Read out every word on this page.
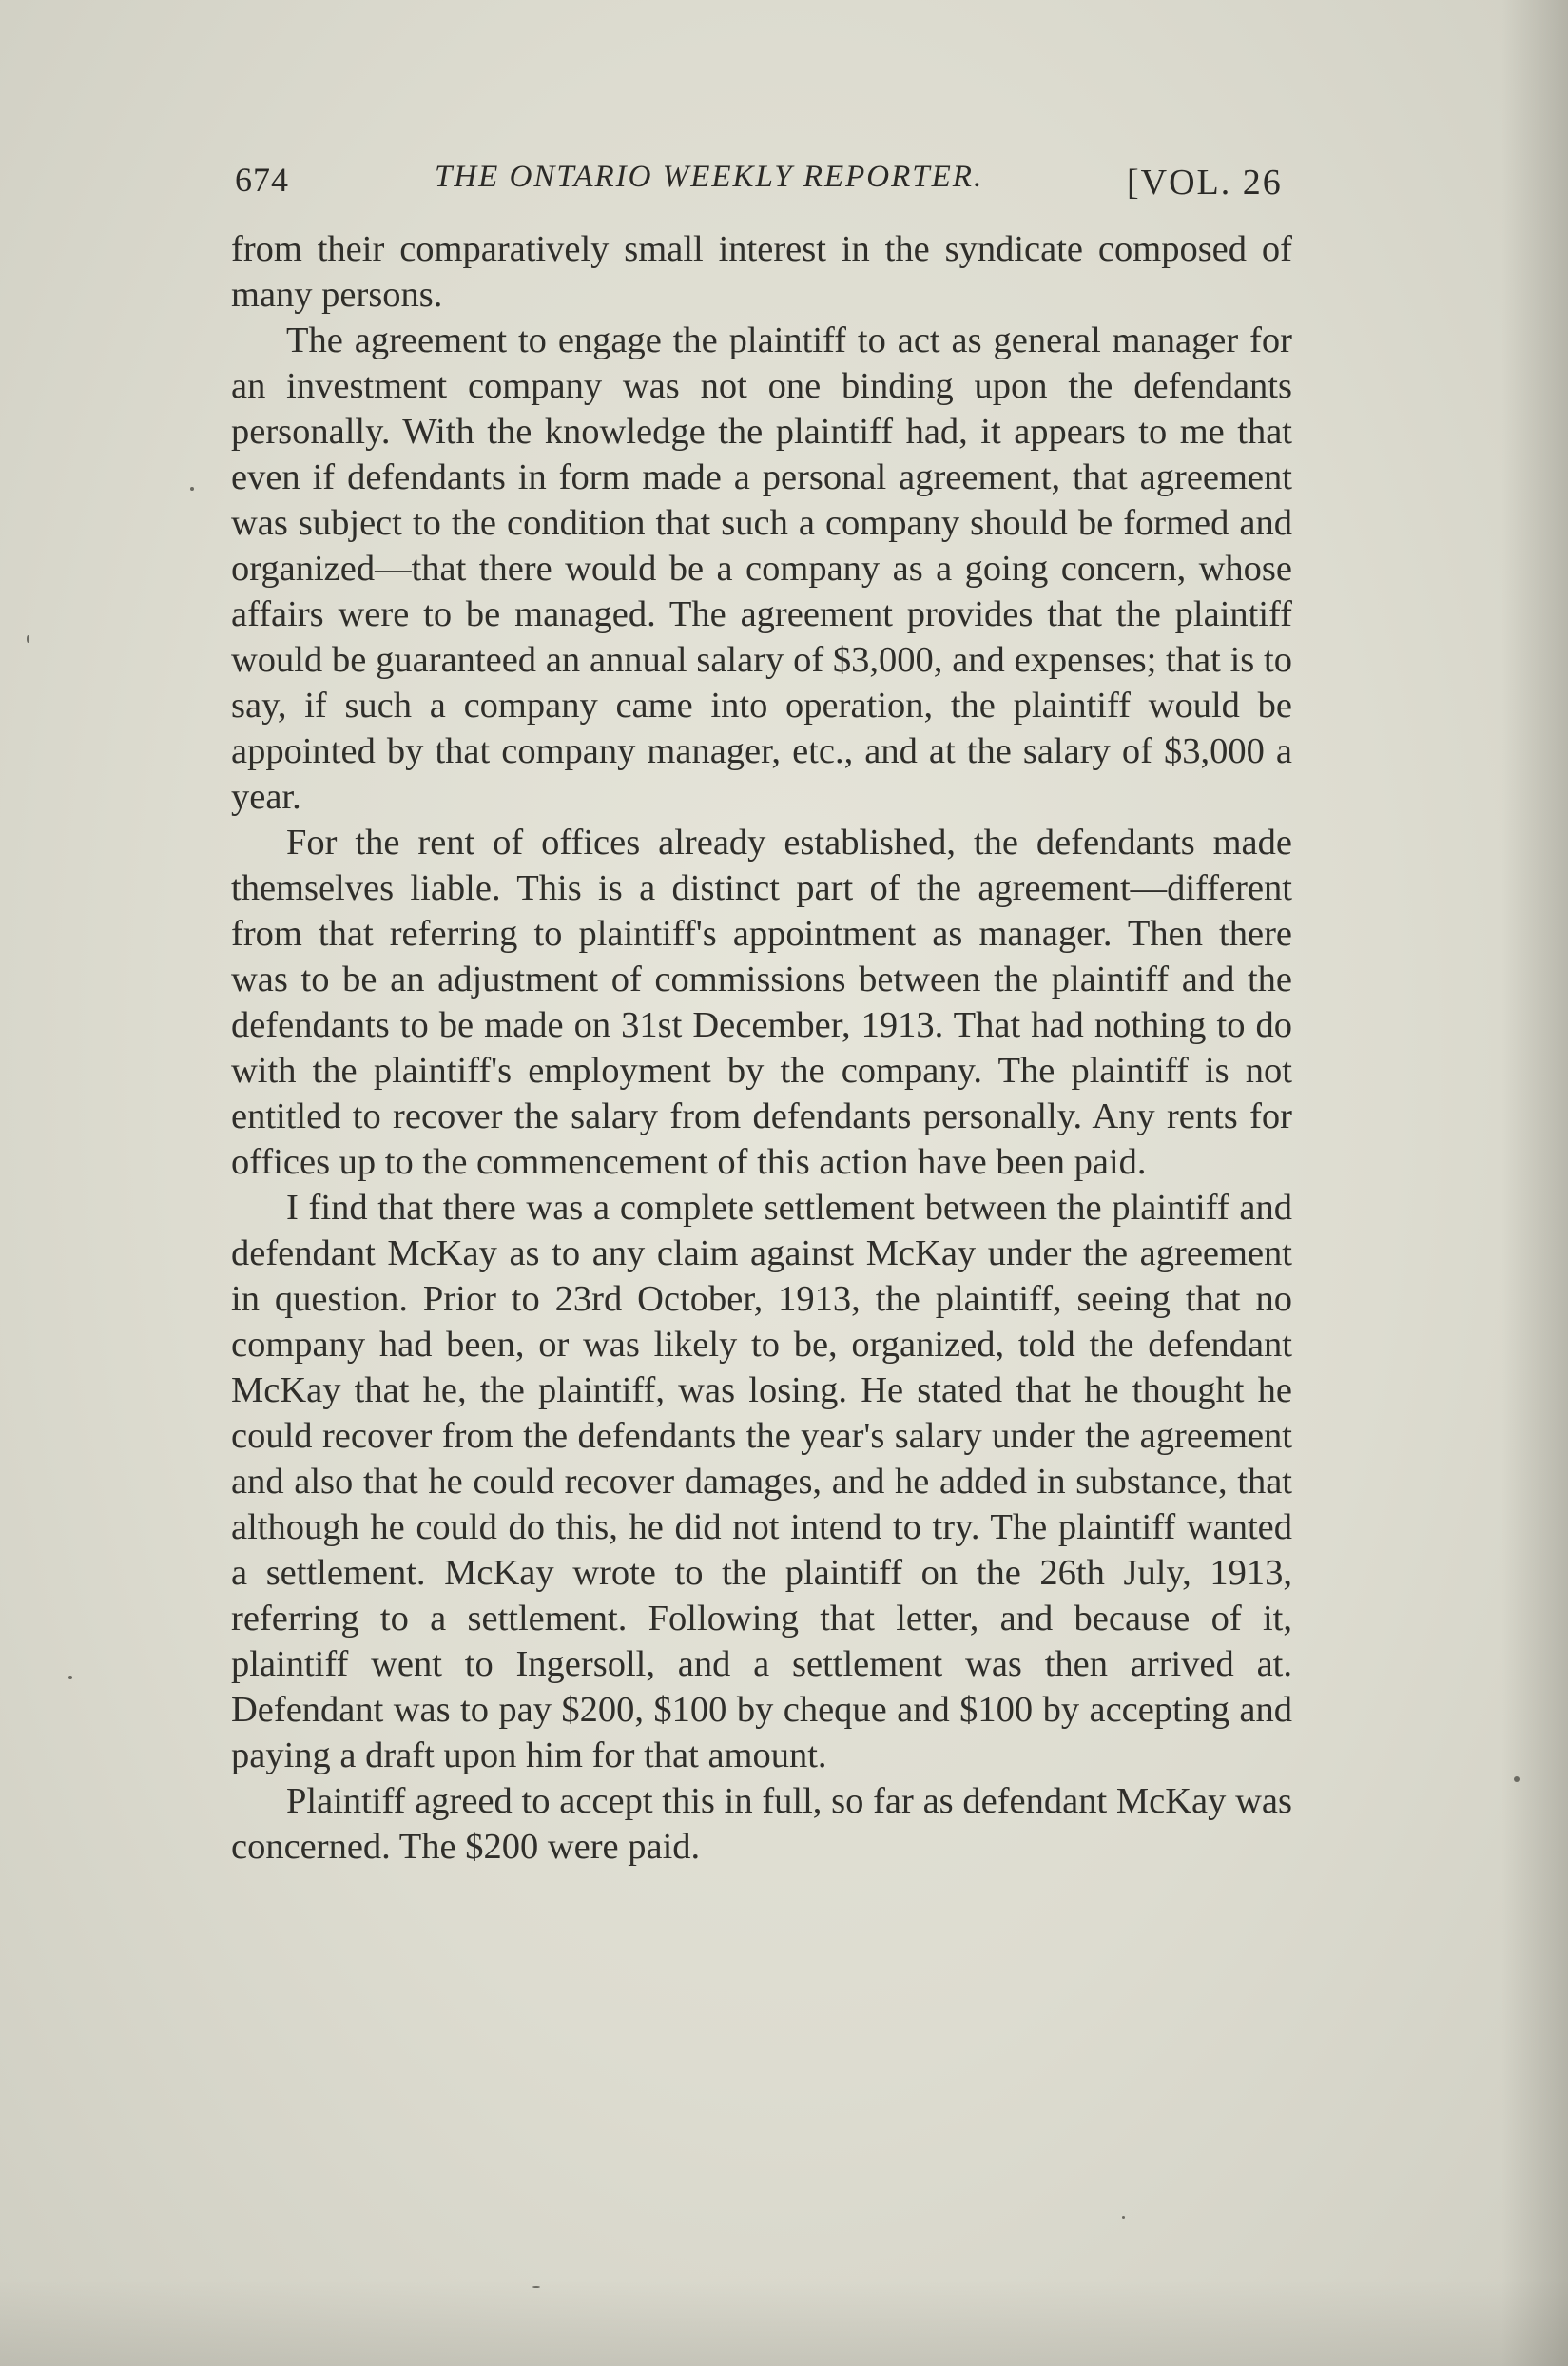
674	THE ONTARIO WEEKLY REPORTER.	[VOL. 26

from their comparatively small interest in the syndicate composed of many persons.

The agreement to engage the plaintiff to act as general manager for an investment company was not one binding upon the defendants personally. With the knowledge the plaintiff had, it appears to me that even if defendants in form made a personal agreement, that agreement was subject to the condition that such a company should be formed and organized—that there would be a company as a going concern, whose affairs were to be managed. The agreement provides that the plaintiff would be guaranteed an annual salary of $3,000, and expenses; that is to say, if such a company came into operation, the plaintiff would be appointed by that company manager, etc., and at the salary of $3,000 a year.

For the rent of offices already established, the defendants made themselves liable. This is a distinct part of the agreement—different from that referring to plaintiff's appointment as manager. Then there was to be an adjustment of commissions between the plaintiff and the defendants to be made on 31st December, 1913. That had nothing to do with the plaintiff's employment by the company. The plaintiff is not entitled to recover the salary from defendants personally. Any rents for offices up to the commencement of this action have been paid.

I find that there was a complete settlement between the plaintiff and defendant McKay as to any claim against McKay under the agreement in question. Prior to 23rd October, 1913, the plaintiff, seeing that no company had been, or was likely to be, organized, told the defendant McKay that he, the plaintiff, was losing. He stated that he thought he could recover from the defendants the year's salary under the agreement and also that he could recover damages, and he added in substance, that although he could do this, he did not intend to try. The plaintiff wanted a settlement. McKay wrote to the plaintiff on the 26th July, 1913, referring to a settlement. Following that letter, and because of it, plaintiff went to Ingersoll, and a settlement was then arrived at. Defendant was to pay $200, $100 by cheque and $100 by accepting and paying a draft upon him for that amount.

Plaintiff agreed to accept this in full, so far as defendant McKay was concerned. The $200 were paid.
